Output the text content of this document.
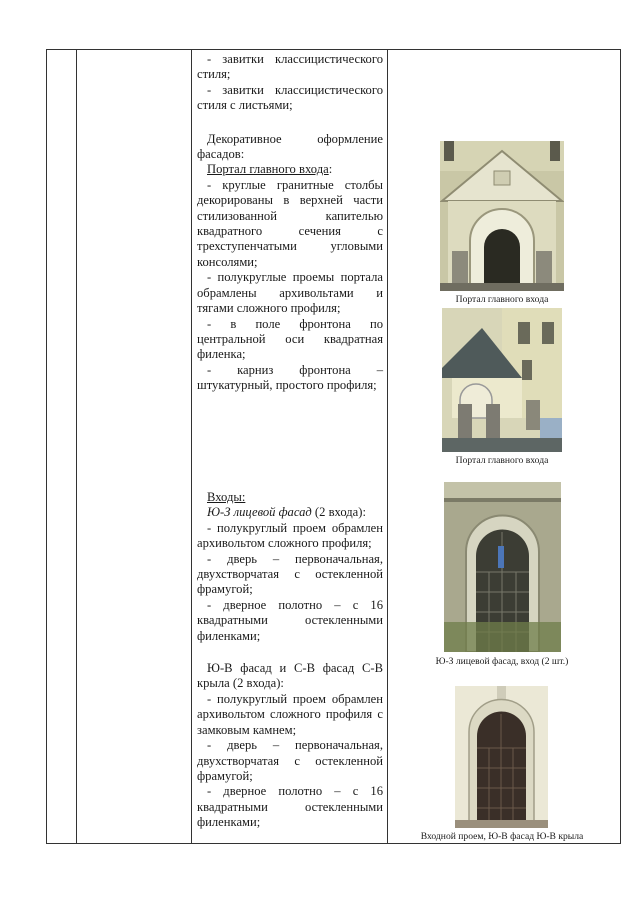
- завитки классицистического стиля;

- завитки классицистического стиля с листьями;

Декоративное оформление фасадов:

Портал главного входа:

- круглые гранитные столбы декорированы в верхней части стилизованной капителью квадратного сечения с трехступенчатыми угловыми консолями;

- полукруглые проемы портала обрамлены архивольтами и тягами сложного профиля;

- в поле фронтона по центральной оси квадратная филенка;

- карниз фронтона – штукатурный, простого профиля;

Входы:

Ю-З лицевой фасад (2 входа):

- полукруглый проем обрамлен архивольтом сложного профиля;

- дверь – первоначальная, двухстворчатая с остекленной фрамугой;

- дверное полотно – с 16 квадратными остекленными филенками;

Ю-В фасад и С-В фасад С-В крыла (2 входа):

- полукруглый проем обрамлен архивольтом сложного профиля с замковым камнем;

- дверь – первоначальная, двухстворчатая с остекленной фрамугой;

- дверное полотно – с 16 квадратными остекленными филенками;

Портал главного входа
Портал главного входа
Ю-З лицевой фасад, вход (2 шт.)
Входной проем, Ю-В фасад Ю-В крыла
